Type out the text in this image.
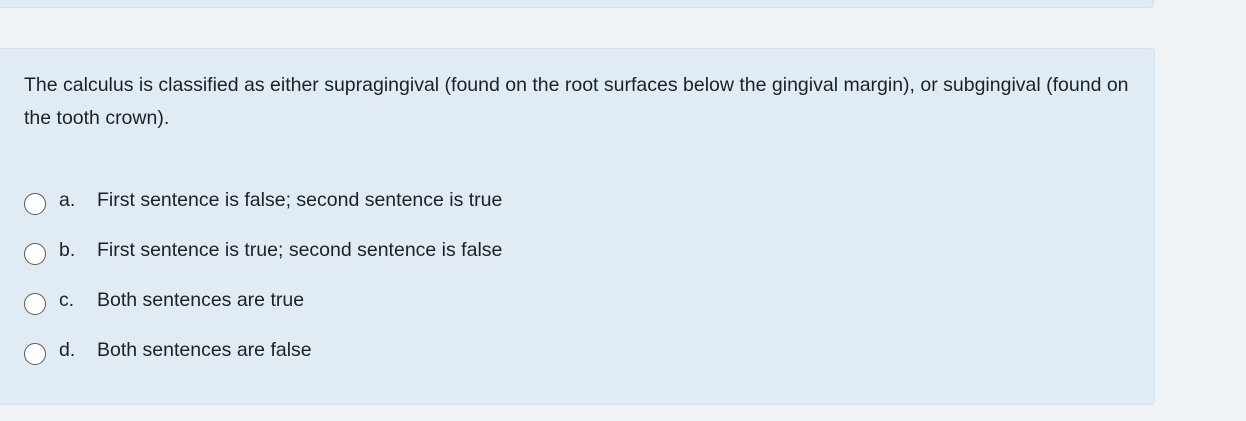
The calculus is classified as either supragingival (found on the root surfaces below the gingival margin), or subgingival (found on the tooth crown).

a.	First sentence is false; second sentence is true
b.	First sentence is true; second sentence is false
c.	Both sentences are true
d.	Both sentences are false
